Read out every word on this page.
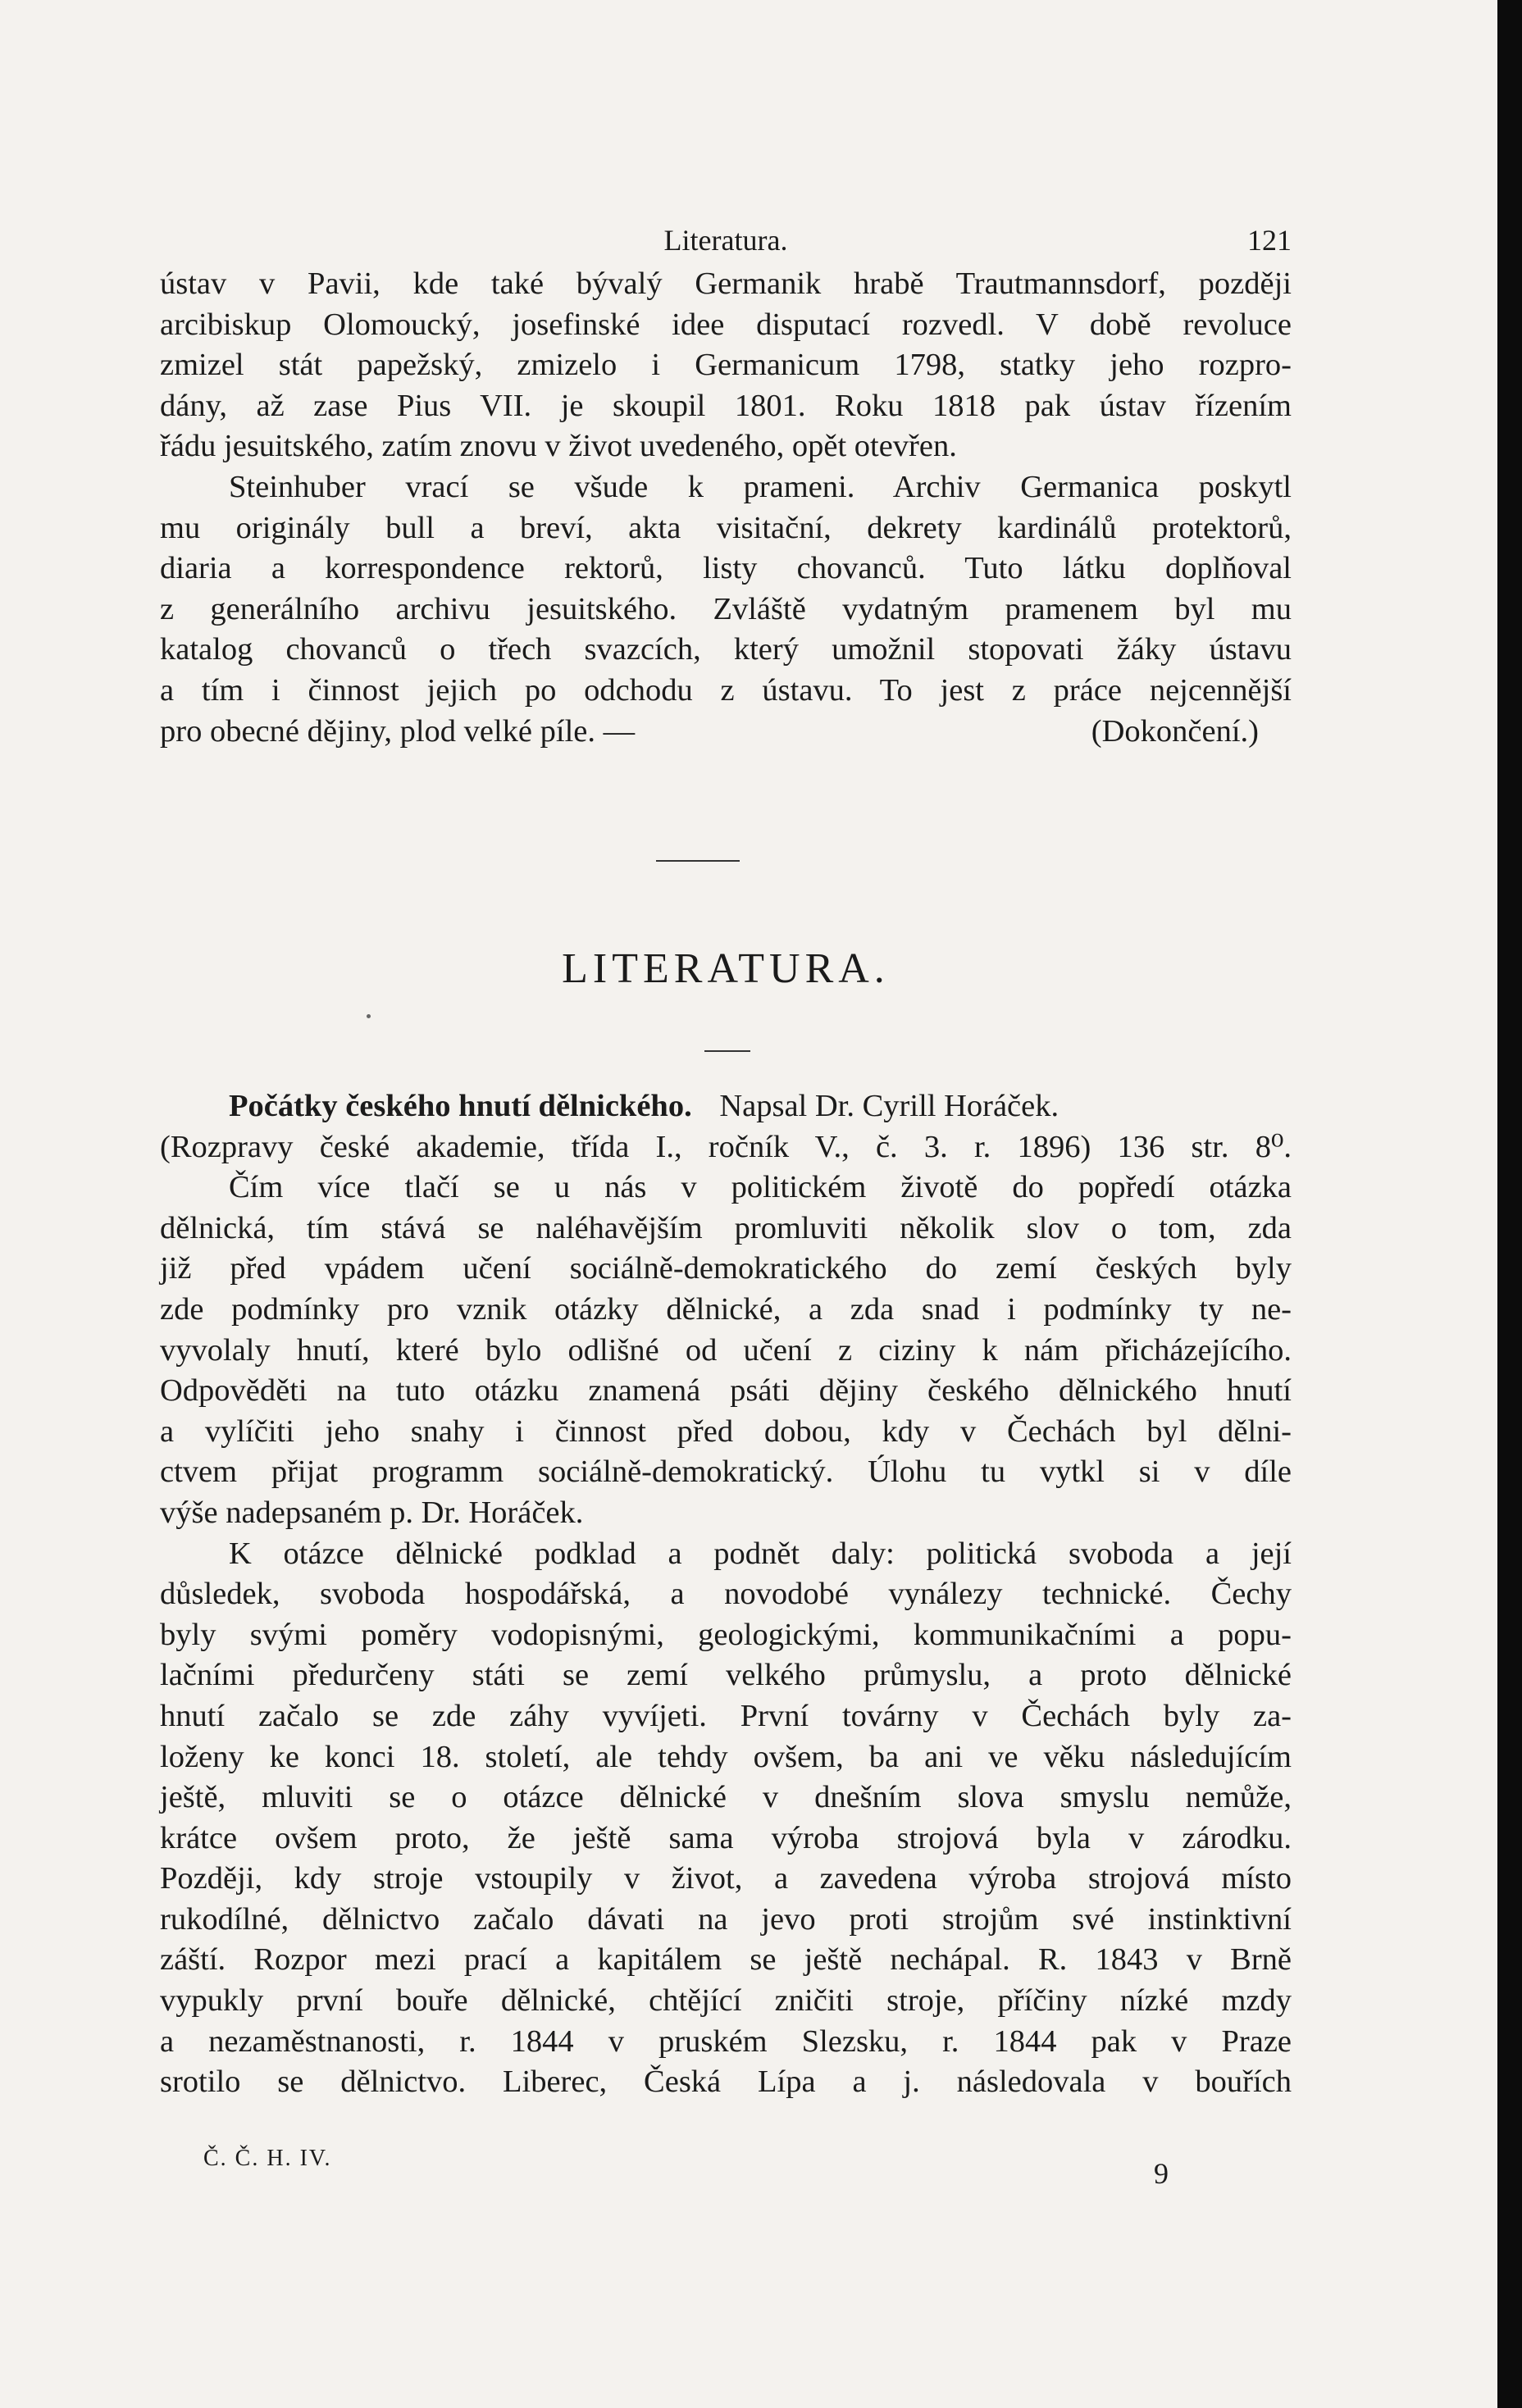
Literatura.	121
ústav v Pavii, kde také bývalý Germanik hrabě Trautmannsdorf, později
arcibiskup Olomoucký, josefinské idee disputací rozvedl. V době revoluce
zmizel stát papežský, zmizelo i Germanicum 1798, statky jeho rozpro-
dány, až zase Pius VII. je skoupil 1801. Roku 1818 pak ústav řízením
řádu jesuitského, zatím znovu v život uvedeného, opět otevřen.
Steinhuber vrací se všude k prameni. Archiv Germanica poskytl
mu originály bull a breví, akta visitační, dekrety kardinálů protektorů,
diaria a korrespondence rektorů, listy chovanců. Tuto látku doplňoval
z generálního archivu jesuitského. Zvláště vydatným pramenem byl mu
katalog chovanců o třech svazcích, který umožnil stopovati žáky ústavu
a tím i činnost jejich po odchodu z ústavu. To jest z práce nejcennější
pro obecné dějiny, plod velké píle. —	(Dokončení.)
LITERATURA.
Počátky českého hnutí dělnického. Napsal Dr. Cyrill Horáček.
(Rozpravy české akademie, třída I., ročník V., č. 3. r. 1896) 136 str. 8⁰.
Čím více tlačí se u nás v politickém životě do popředí otázka
dělnická, tím stává se naléhavějším promluviti několik slov o tom, zda
již před vpádem učení sociálně-demokratického do zemí českých byly
zde podmínky pro vznik otázky dělnické, a zda snad i podmínky ty ne-
vyvolaly hnutí, které bylo odlišné od učení z ciziny k nám přicházejícího.
Odpověděti na tuto otázku znamená psáti dějiny českého dělnického hnutí
a vylíčiti jeho snahy i činnost před dobou, kdy v Čechách byl dělni-
ctvem přijat programm sociálně-demokratický. Úlohu tu vytkl si v díle
výše nadepsaném p. Dr. Horáček.
K otázce dělnické podklad a podnět daly: politická svoboda a její
důsledek, svoboda hospodářská, a novodobé vynálezy technické. Čechy
byly svými poměry vodopisnými, geologickými, kommunikačními a popu-
lačními předurčeny státi se zemí velkého průmyslu, a proto dělnické
hnutí začalo se zde záhy vyvíjeti. První továrny v Čechách byly za-
loženy ke konci 18. století, ale tehdy ovšem, ba ani ve věku následujícím
ještě, mluviti se o otázce dělnické v dnešním slova smyslu nemůže,
krátce ovšem proto, že ještě sama výroba strojová byla v zárodku.
Později, kdy stroje vstoupily v život, a zavedena výroba strojová místo
rukodílné, dělnictvo začalo dávati na jevo proti strojům své instinktivní
záští. Rozpor mezi prací a kapitálem se ještě nechápal. R. 1843 v Brně
vypukly první bouře dělnické, chtějící zničiti stroje, příčiny nízké mzdy
a nezaměstnanosti, r. 1844 v pruském Slezsku, r. 1844 pak v Praze
srotilo se dělnictvo. Liberec, Česká Lípa a j. následovala v bouřích
Č. Č. H. IV.	9
